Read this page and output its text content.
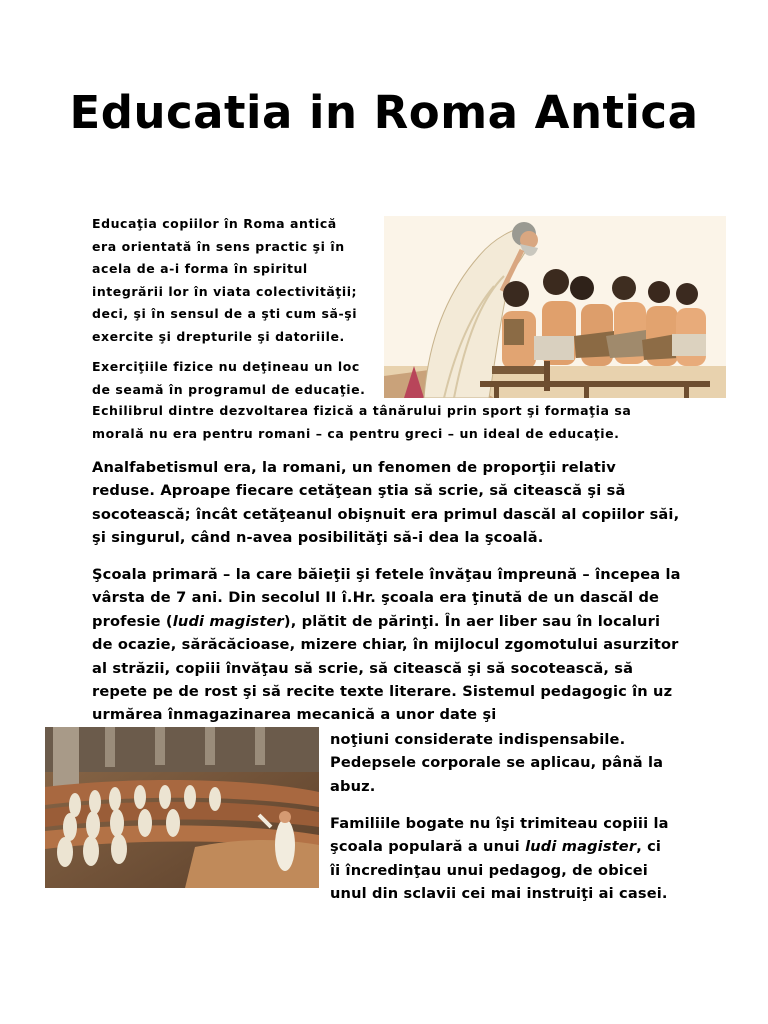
Educatia in Roma Antica

Educaţia copiilor în Roma antică era orientată în sens practic şi în acela de a-i forma în spiritul integrării lor în viata colectivităţii; deci, şi în sensul de a şti cum să-şi exercite şi drepturile şi datoriile.

Exerciţiile fizice nu deţineau un loc de seamă în programul de educaţie.

Echilibrul dintre dezvoltarea fizică a tânărului prin sport şi formaţia sa morală nu era pentru romani – ca pentru greci – un ideal de educaţie.

Analfabetismul era, la romani, un fenomen de proporţii relativ reduse. Aproape fiecare cetăţean ştia să scrie, să citească şi să socotească; încât cetăţeanul obişnuit era primul dascăl al copiilor săi, şi singurul, când n-avea posibilităţi să-i dea la şcoală.

Şcoala primară – la care băieţii şi fetele învăţau împreună – începea la vârsta de 7 ani. Din secolul II î.Hr. şcoala era ţinută de un dascăl de profesie (ludi magister), plătit de părinţi. În aer liber sau în localuri de ocazie, sărăcăcioase, mizere chiar, în mijlocul zgomotului asurzitor al străzii, copiii învăţau să scrie, să citească şi să socotească, să repete pe de rost şi să recite texte literare. Sistemul pedagogic în uz urmărea înmagazinarea mecanică a unor date şi

noţiuni considerate indispensabile. Pedepsele corporale se aplicau, până la abuz.

Familiile bogate nu îşi trimiteau copiii la şcoala populară a unui ludi magister, ci îi încredinţau unui pedagog, de obicei unul din sclavii cei mai instruiţi ai casei.
